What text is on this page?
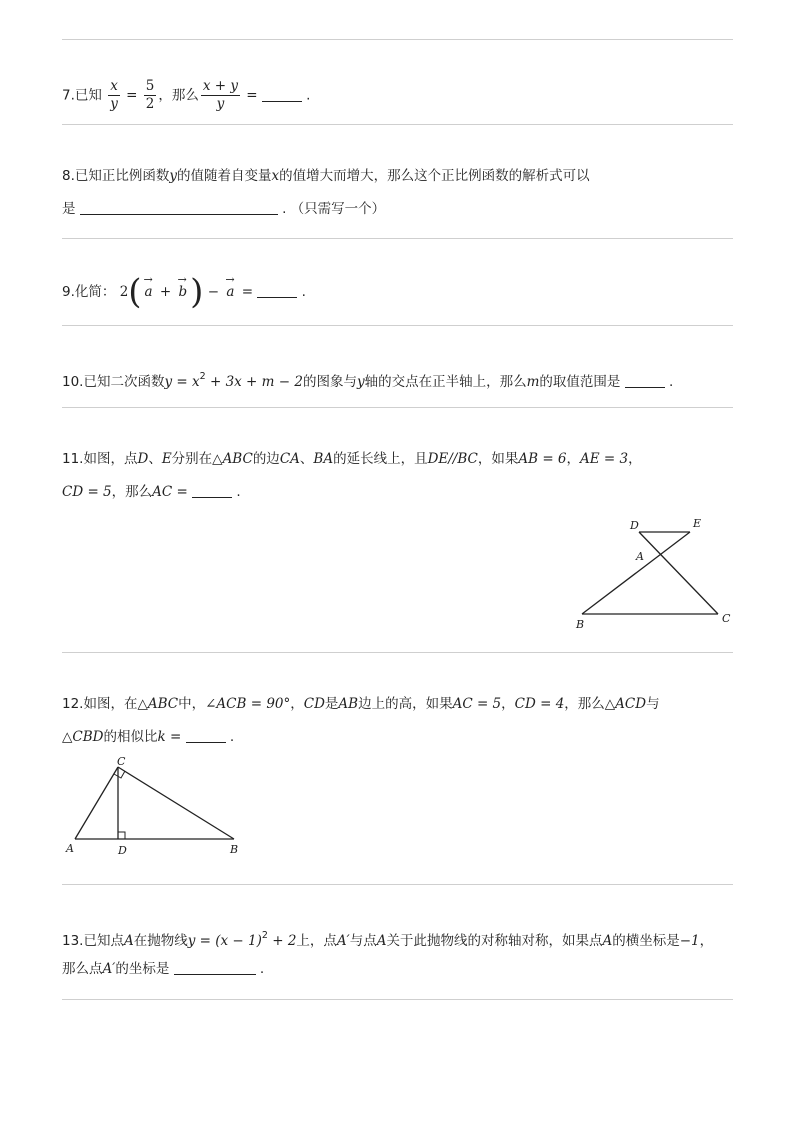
7.已知 $\frac{x}{y} = \frac{5}{2}$ ，那么 $\frac{x + y}{y}$ =	.
8.已知正比例函数y的值随着自变量x的值增大而增大，那么这个正比例函数的解析式可以
是	. （只需写一个）
9.化简： 2( →
a +
→
b) −
→
a =	.
10.已知二次函数$y = x^2 + 3x + m - 2$的图象与y轴的交点在正半轴上，那么m的取值范围是	.
11.如图，点D、E分别在△ABC的边CA、BA的延长线上，且DE//BC，如果AB = 6，AE = 3，
CD = 5，那么AC =	.
D	E
A
B	C
12.如图，在△ABC中，∠ACB = 90°，CD是AB边上的高，如果AC = 5，CD = 4，那么△ACD与
△CBD的相似比k =	.
C
A	D	B
13.已知点A在抛物线$y = (x - 1)^2 + 2$上，点A′与点A关于此抛物线的对称轴对称，如果点A的横坐标是−1，
那么点A′的坐标是	.
